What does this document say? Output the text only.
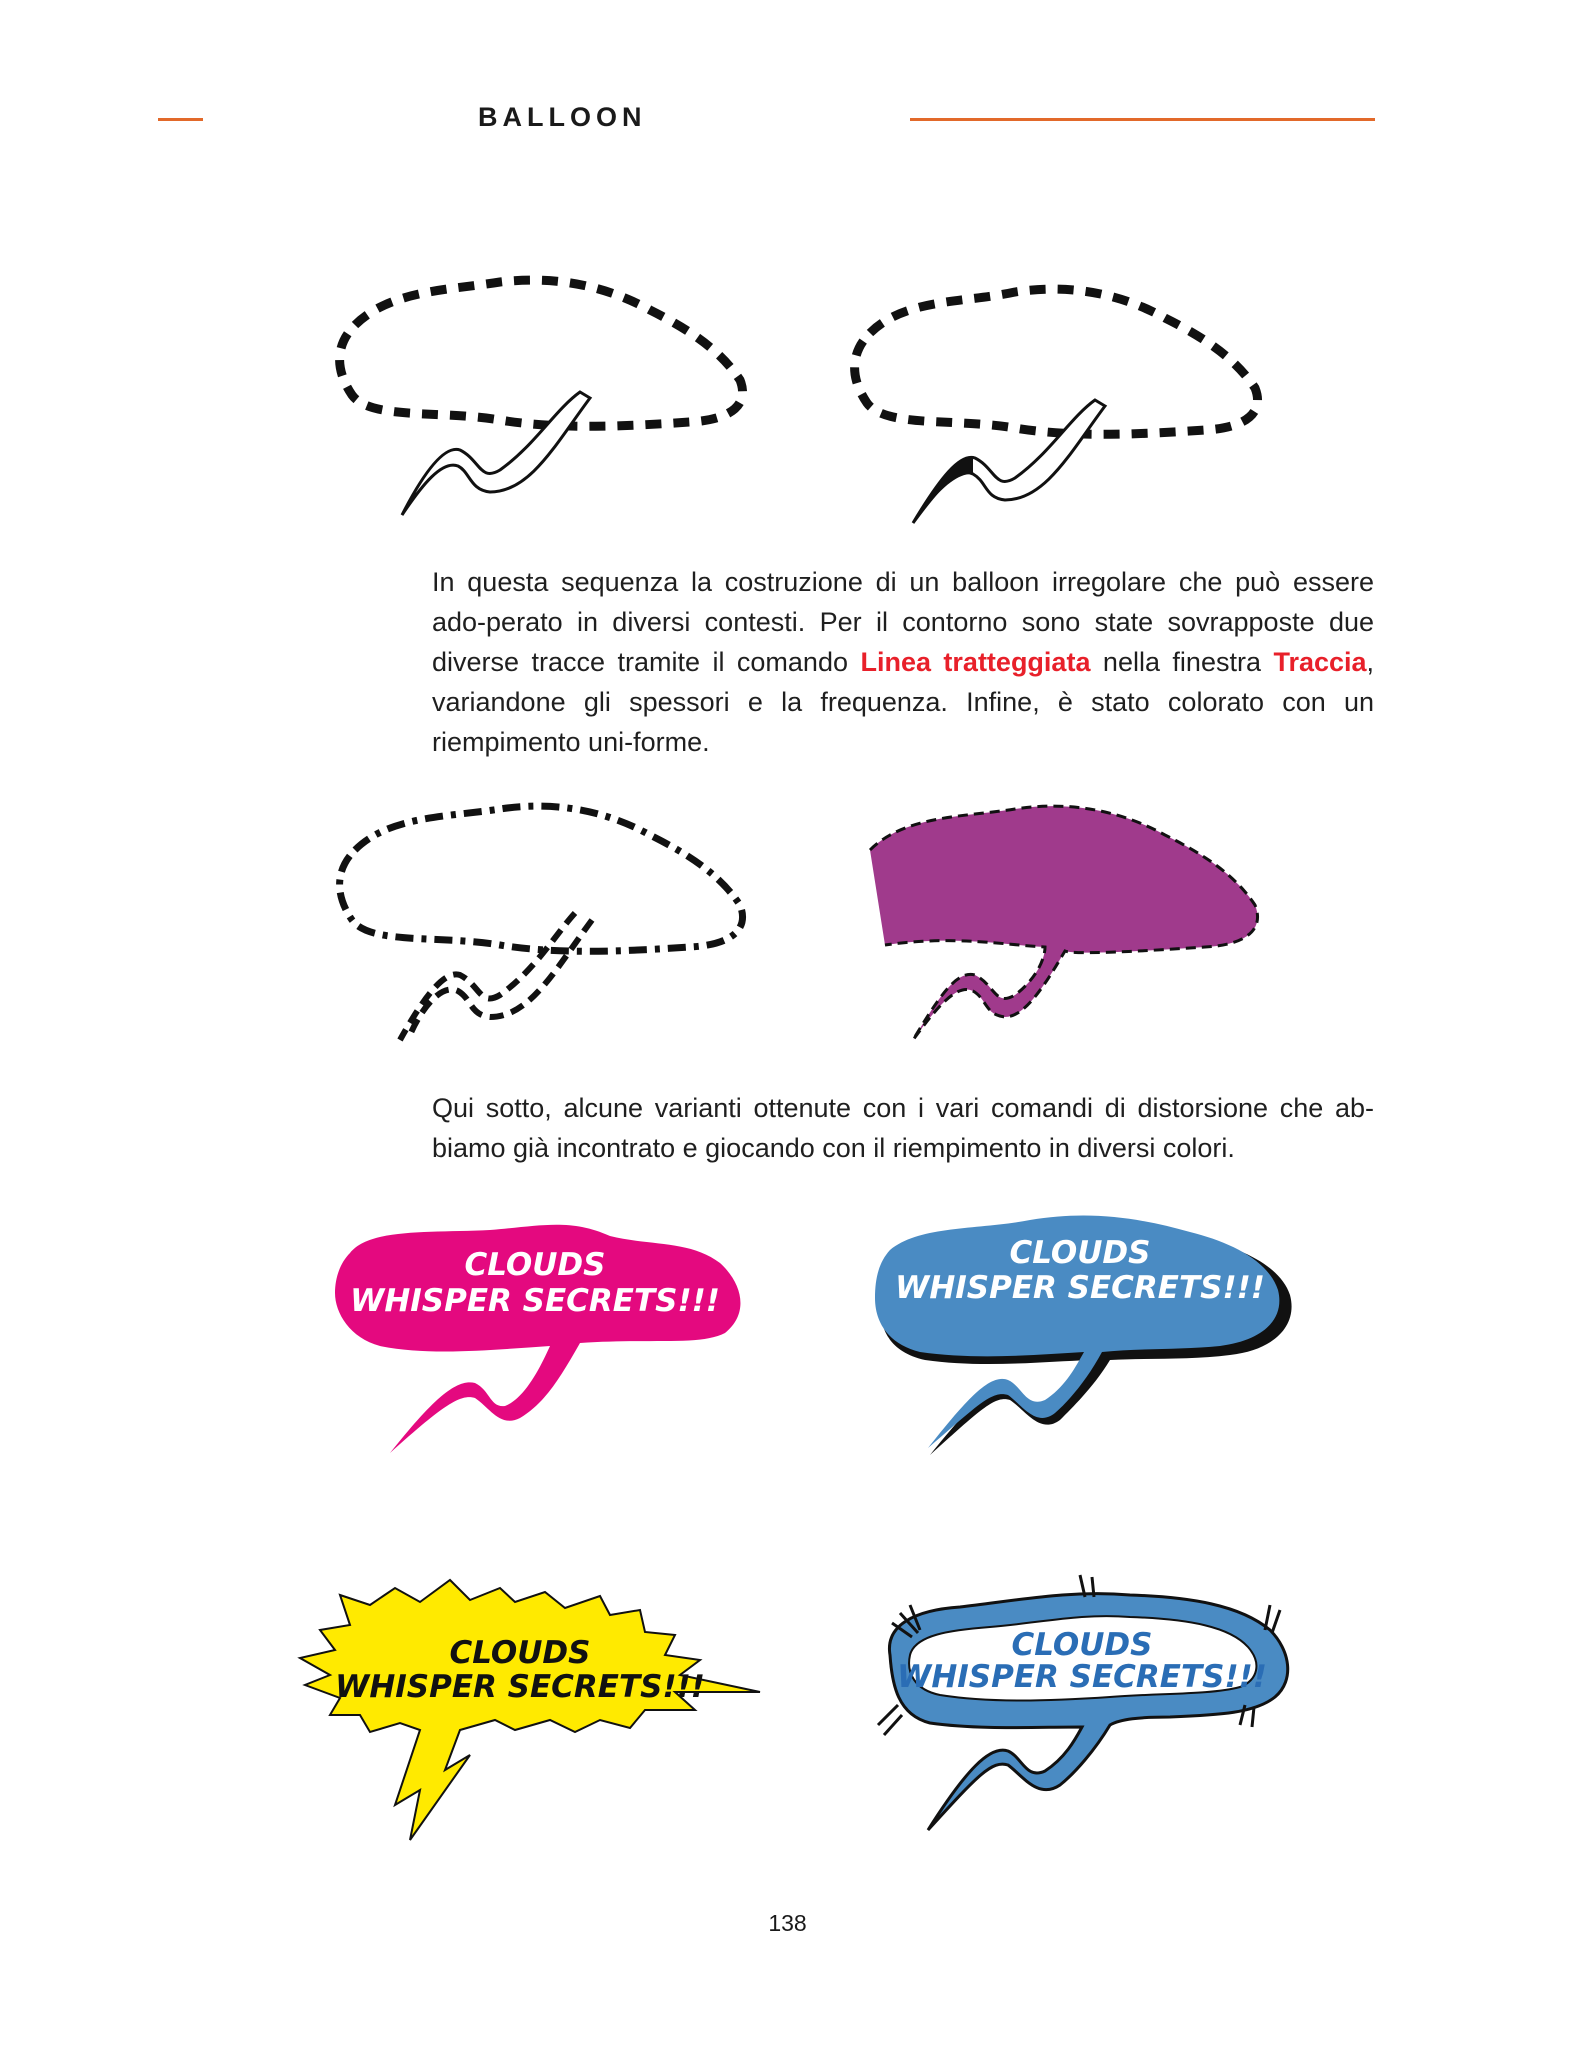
BALLOON

In questa sequenza la costruzione di un balloon irregolare che può essere ado-perato in diversi contesti. Per il contorno sono state sovrapposte due diverse tracce tramite il comando Linea tratteggiata nella finestra Traccia, variandone gli spessori e la frequenza. Infine, è stato colorato con un riempimento uni-forme.

Qui sotto, alcune varianti ottenute con i vari comandi di distorsione che ab-biamo già incontrato e giocando con il riempimento in diversi colori.

CLOUDS
WHISPER SECRETS!!!
CLOUDS
WHISPER SECRETS!!!
CLOUDS
WHISPER SECRETS!!!
CLOUDS
WHISPER SECRETS!!!
138
